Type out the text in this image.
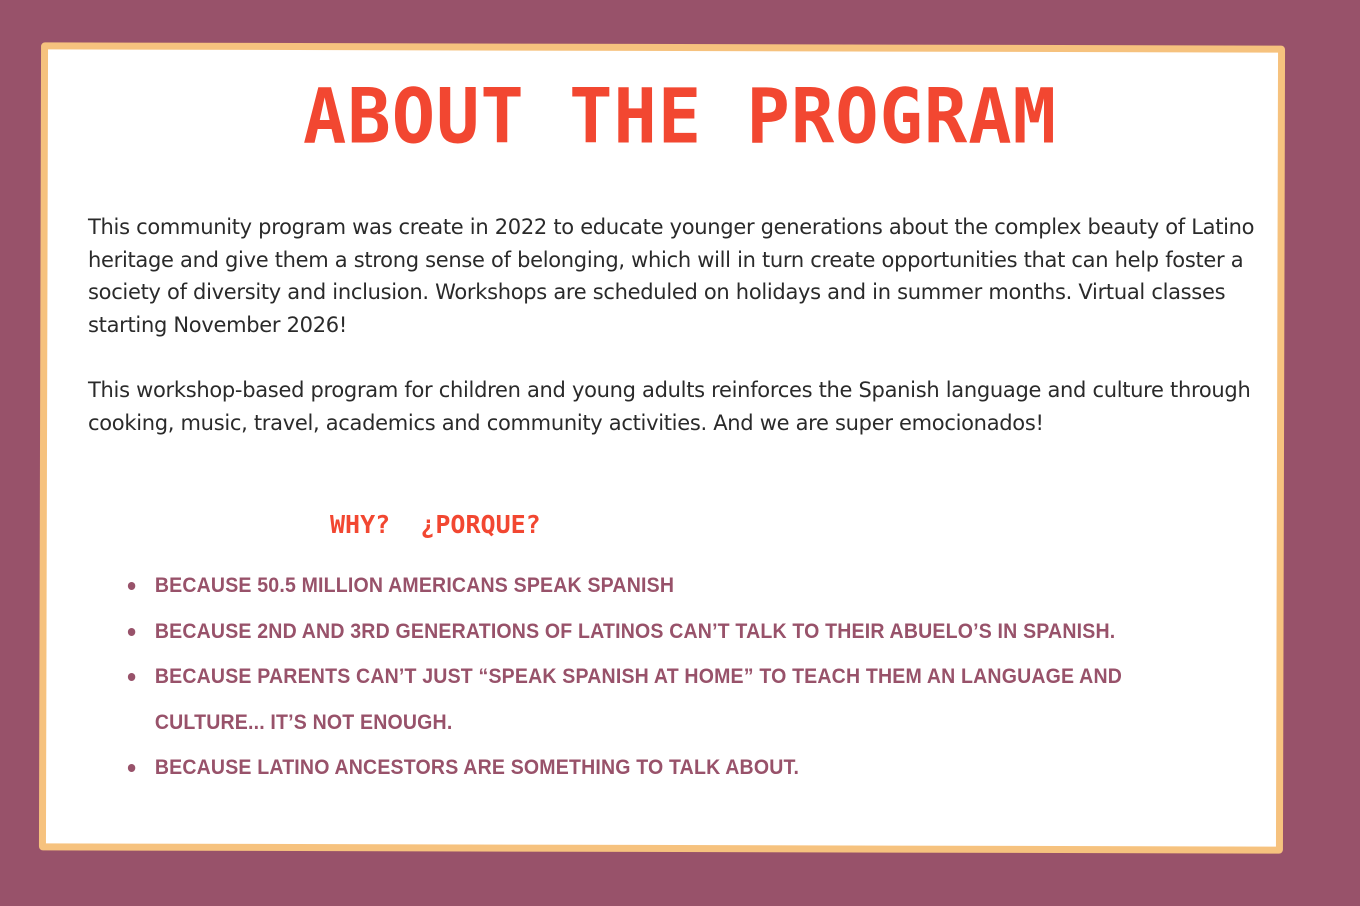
ABOUT THE PROGRAM

This community program was create in 2022 to educate younger generations about the complex beauty of Latino heritage and give them a strong sense of belonging, which will in turn create opportunities that can help foster a society of diversity and inclusion. Workshops are scheduled on holidays and in summer months. Virtual classes starting November 2026!

This workshop-based program for children and young adults reinforces the Spanish language and culture through cooking, music, travel, academics and community activities. And we are super emocionados!

WHY?  ¿PORQUE?
BECAUSE 50.5 MILLION AMERICANS SPEAK SPANISH
BECAUSE 2ND AND 3RD GENERATIONS OF LATINOS CAN’T TALK TO THEIR ABUELO’S IN SPANISH.
BECAUSE PARENTS CAN’T JUST “SPEAK SPANISH AT HOME” TO TEACH THEM AN LANGUAGE AND CULTURE... IT’S NOT ENOUGH.
BECAUSE LATINO ANCESTORS ARE SOMETHING TO TALK ABOUT.
